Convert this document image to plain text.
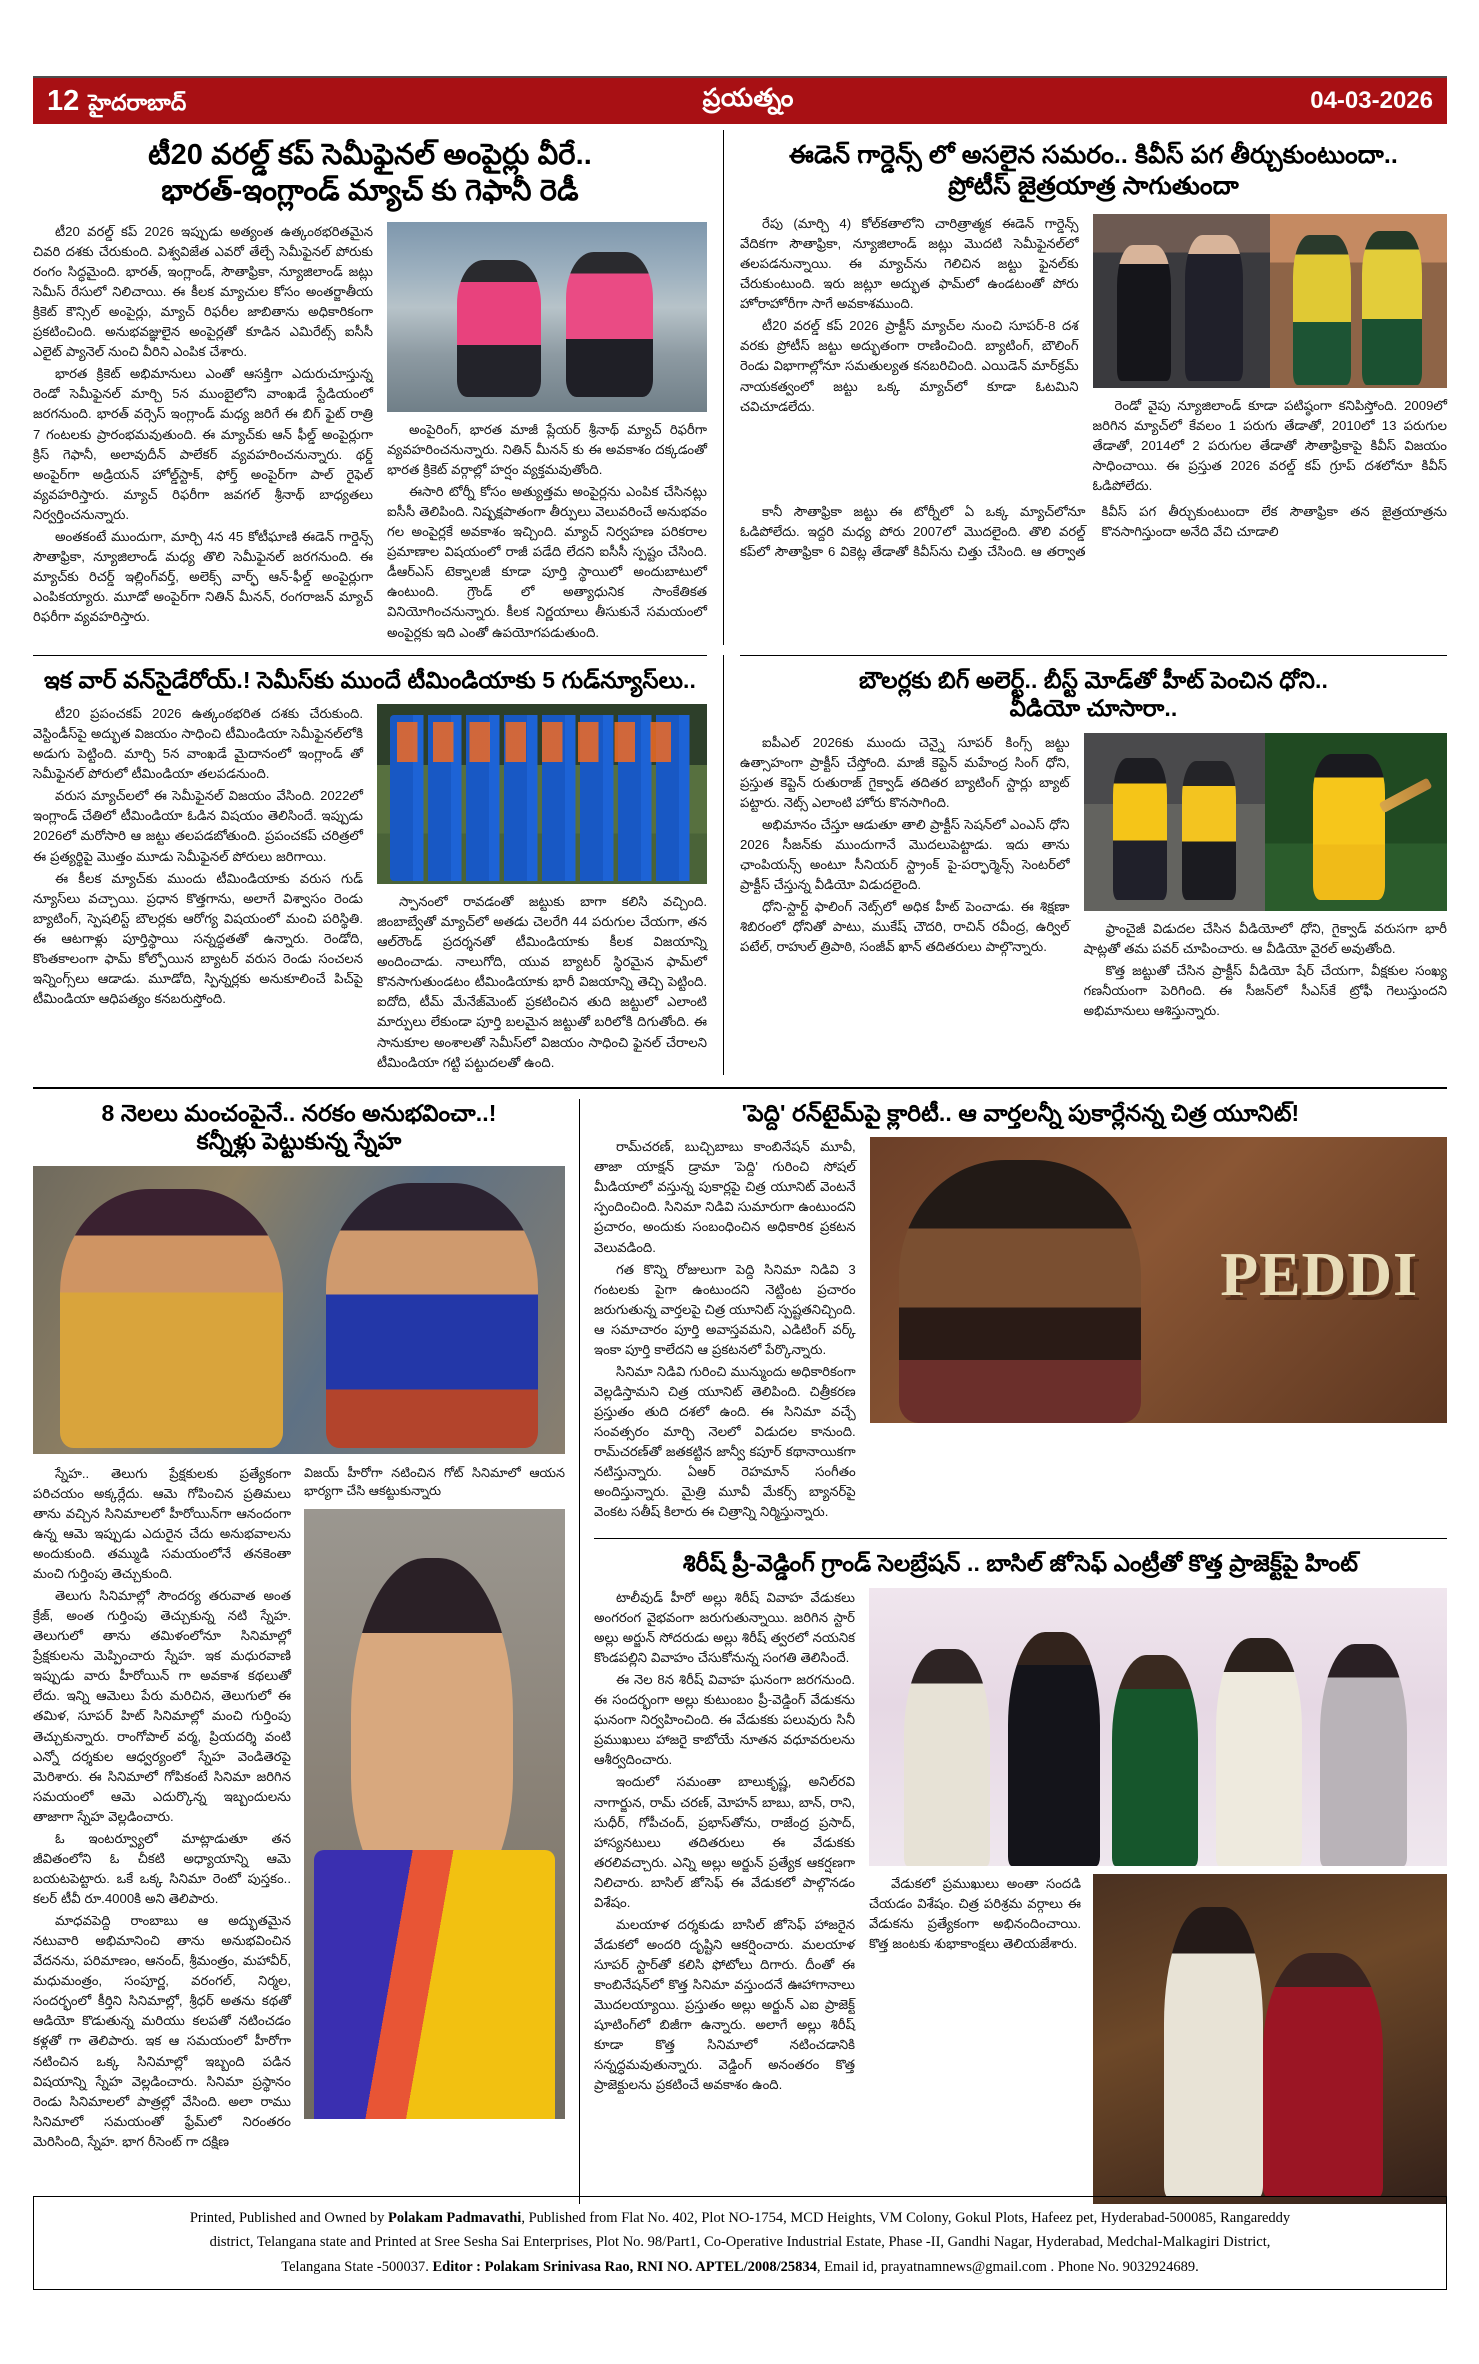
12 హైదరాబాద్	ప్రయత్నం	04-03-2026
టీ20 వరల్డ్ కప్ సెమీఫైనల్ అంపైర్లు వీరే..
భారత్-ఇంగ్లాండ్ మ్యాచ్ కు గెఫానీ రెడీ

టీ20 వరల్డ్ కప్ 2026 ఇప్పుడు అత్యంత ఉత్కంఠభరితమైన చివరి దశకు చేరుకుంది. విశ్వవిజేత ఎవరో తేల్చే సెమీఫైనల్ పోరుకు రంగం సిద్ధమైంది. భారత్, ఇంగ్లాండ్, సౌతాఫ్రికా, న్యూజిలాండ్ జట్లు సెమీస్ రేసులో నిలిచాయి. ఈ కీలక మ్యాచుల కోసం అంతర్జాతీయ క్రికెట్ కౌన్సిల్ అంపైర్లు, మ్యాచ్ రిఫరీల జాబితాను అధికారికంగా ప్రకటించింది. అనుభవజ్ఞులైన అంపైర్లతో కూడిన ఎమిరేట్స్ ఐసీసీ ఎలైట్ ప్యానెల్ నుంచి వీరిని ఎంపిక చేశారు.

భారత క్రికెట్ అభిమానులు ఎంతో ఆసక్తిగా ఎదురుచూస్తున్న రెండో సెమీఫైనల్ మార్చి 5న ముంబైలోని వాంఖడే స్టేడియంలో జరగనుంది. భారత్ వర్సెస్ ఇంగ్లాండ్ మధ్య జరిగే ఈ బిగ్ ఫైట్ రాత్రి 7 గంటలకు ప్రారంభమవుతుంది. ఈ మ్యాచ్‌కు ఆన్ ఫీల్డ్ అంపైర్లుగా క్రిస్ గెఫానీ, అలావుదీన్ పాలేకర్ వ్యవహరించనున్నారు. థర్డ్ అంపైర్‌గా అడ్రియన్ హోల్డ్‌స్టాక్, ఫోర్త్ అంపైర్‌గా పాల్ రైఫెల్ వ్యవహరిస్తారు. మ్యాచ్ రిఫరీగా జవగల్ శ్రీనాథ్ బాధ్యతలు నిర్వర్తించనున్నారు.

అంతకంటే ముందుగా, మార్చి 4న 45 కోటీఘాణి ఈడెన్ గార్డెన్స్ సౌతాఫ్రికా, న్యూజిలాండ్ మధ్య తొలి సెమీఫైనల్ జరగనుంది. ఈ మ్యాచ్‌కు రిచర్డ్ ఇల్లింగ్‌వర్త్, అలెక్స్ వార్ఫ్ ఆన్-ఫీల్డ్ అంపైర్లుగా ఎంపికయ్యారు. మూడో అంపైర్‌గా నితిన్ మీనన్, రంగరాజన్ మ్యాచ్ రిఫరీగా వ్యవహరిస్తారు.

అంపైరింగ్, భారత మాజీ ప్లేయర్ శ్రీనాథ్ మ్యాచ్ రిఫరీగా వ్యవహరించనున్నారు. నితిన్ మీనన్ కు ఈ అవకాశం దక్కడంతో భారత క్రికెట్ వర్గాల్లో హర్షం వ్యక్తమవుతోంది.

ఈసారి టోర్నీ కోసం అత్యుత్తమ అంపైర్లను ఎంపిక చేసినట్లు ఐసీసీ తెలిపింది. నిష్పక్షపాతంగా తీర్పులు వెలువరించే అనుభవం గల అంపైర్లకే అవకాశం ఇచ్చింది. మ్యాచ్ నిర్వహణ పరికరాల ప్రమాణాల విషయంలో రాజీ పడేది లేదని ఐసీసీ స్పష్టం చేసింది. డీఆర్ఎస్ టెక్నాలజీ కూడా పూర్తి స్థాయిలో అందుబాటులో ఉంటుంది. గ్రౌండ్ లో అత్యాధునిక సాంకేతికత వినియోగించనున్నారు. కీలక నిర్ణయాలు తీసుకునే సమయంలో అంపైర్లకు ఇది ఎంతో ఉపయోగపడుతుంది.

ఈడెన్ గార్డెన్స్ లో అసలైన సమరం.. కివీస్ పగ తీర్చుకుంటుందా..
ప్రోటీస్ జైత్రయాత్ర సాగుతుందా

రేపు (మార్చి 4) కోల్‌కతాలోని చారిత్రాత్మక ఈడెన్ గార్డెన్స్ వేదికగా సౌతాఫ్రికా, న్యూజిలాండ్ జట్లు మొదటి సెమీఫైనల్‌లో తలపడనున్నాయి. ఈ మ్యాచ్‌ను గెలిచిన జట్టు ఫైనల్‌కు చేరుకుంటుంది. ఇరు జట్లూ అద్భుత ఫామ్‌లో ఉండటంతో పోరు హోరాహోరీగా సాగే అవకాశముంది.

టీ20 వరల్డ్ కప్ 2026 ప్రాక్టీస్ మ్యాచ్‌ల నుంచి సూపర్-8 దశ వరకు ప్రోటీస్ జట్టు అద్భుతంగా రాణించింది. బ్యాటింగ్, బౌలింగ్ రెండు విభాగాల్లోనూ సమతుల్యత కనబరిచింది. ఎయిడెన్ మార్‌క్రమ్ నాయకత్వంలో జట్టు ఒక్క మ్యాచ్‌లో కూడా ఓటమిని చవిచూడలేదు.	రెండో వైపు న్యూజిలాండ్ కూడా పటిష్ఠంగా కనిపిస్తోంది. 2009లో జరిగిన మ్యాచ్‌లో కేవలం 1 పరుగు తేడాతో, 2010లో 13 పరుగుల తేడాతో, 2014లో 2 పరుగుల తేడాతో సౌతాఫ్రికాపై కివీస్ విజయం సాధించాయి. ఈ ప్రస్తుత 2026 వరల్డ్ కప్ గ్రూప్ దశలోనూ కివీస్ ఓడిపోలేదు.

కానీ సౌతాఫ్రికా జట్టు ఈ టోర్నీలో ఏ ఒక్క మ్యాచ్‌లోనూ ఓడిపోలేదు. ఇద్దరి మధ్య పోరు 2007లో మొదలైంది. తొలి వరల్డ్ కప్‌లో సౌతాఫ్రికా 6 వికెట్ల తేడాతో కివీస్‌ను చిత్తు చేసింది. ఆ తర్వాత కివీస్ పగ తీర్చుకుంటుందా లేక సౌతాఫ్రికా తన జైత్రయాత్రను కొనసాగిస్తుందా అనేది వేచి చూడాలి

ఇక వార్ వన్‌సైడేరోయ్.! సెమీస్‌కు ముందే టీమిండియాకు 5 గుడ్‌న్యూస్‌లు..

టీ20 ప్రపంచకప్ 2026 ఉత్కంఠభరిత దశకు చేరుకుంది. వెస్టిండీస్‌పై అద్భుత విజయం సాధించి టీమిండియా సెమీఫైనల్‌లోకి అడుగు పెట్టింది. మార్చి 5న వాంఖడే మైదానంలో ఇంగ్లాండ్ తో సెమీఫైనల్ పోరులో టీమిండియా తలపడనుంది.

వరుస మ్యాచ్‌లలో ఈ సెమీఫైనల్ విజయం వేసింది. 2022లో ఇంగ్లాండ్ చేతిలో టీమిండియా ఓడిన విషయం తెలిసిందే. ఇప్పుడు 2026లో మరోసారి ఆ జట్టు తలపడబోతుంది. ప్రపంచకప్ చరిత్రలో ఈ ప్రత్యర్థిపై మొత్తం మూడు సెమీఫైనల్ పోరులు జరిగాయి.

ఈ కీలక మ్యాచ్‌కు ముందు టీమిండియాకు వరుస గుడ్ న్యూస్‌లు వచ్చాయి. ప్రధాన కొత్తగాను, అలాగే విశ్వాసం రెండు బ్యాటింగ్, స్పెషలిస్ట్ బౌలర్లకు ఆరోగ్య విషయంలో మంచి పరిస్థితి. ఈ ఆటగాళ్లు పూర్తిస్థాయి సన్నద్ధతతో ఉన్నారు. రెండోది, కొంతకాలంగా ఫామ్ కోల్పోయిన బ్యాటర్ వరుస రెండు సంచలన ఇన్నింగ్స్‌లు ఆడాడు. మూడోది, స్పిన్నర్లకు అనుకూలించే పిచ్‌పై టీమిండియా ఆధిపత్యం కనబరుస్తోంది.

స్పానంలో రావడంతో జట్టుకు బాగా కలిసి వచ్చింది. జింబాబ్వేతో మ్యాచ్‌లో అతడు చెలరేగి 44 పరుగుల చేయగా, తన ఆల్‌రౌండ్ ప్రదర్శనతో టీమిండియాకు కీలక విజయాన్ని అందించాడు. నాలుగోది, యువ బ్యాటర్ స్థిరమైన ఫామ్‌లో కొనసాగుతుండటం టీమిండియాకు భారీ విజయాన్ని తెచ్చి పెట్టింది. ఐదోది, టీమ్ మేనేజ్‌మెంట్ ప్రకటించిన తుది జట్టులో ఎలాంటి మార్పులు లేకుండా పూర్తి బలమైన జట్టుతో బరిలోకి దిగుతోంది. ఈ సానుకూల అంశాలతో సెమీస్‌లో విజయం సాధించి ఫైనల్ చేరాలని టీమిండియా గట్టి పట్టుదలతో ఉంది.

బౌలర్లకు బిగ్ అలెర్ట్.. బీస్ట్ మోడ్‌తో హీట్ పెంచిన ధోని..
వీడియో చూసారా..

ఐపీఎల్ 2026కు ముందు చెన్నై సూపర్ కింగ్స్ జట్టు ఉత్సాహంగా ప్రాక్టీస్ చేస్తోంది. మాజీ కెప్టెన్ మహేంద్ర సింగ్ ధోని, ప్రస్తుత కెప్టెన్ రుతురాజ్ గైక్వాడ్ తదితర బ్యాటింగ్ స్టార్లు బ్యాట్ పట్టారు. నెట్స్ ఎలాంటి హోరు కొనసాగింది.

అభిమానం చేస్తూ ఆడుతూ తాలి ప్రాక్టీస్ సెషన్‌లో ఎంఎస్ ధోని 2026 సీజన్‌కు ముందుగానే మొదలుపెట్టాడు. ఇదు తాను ఛాంపియన్స్ అంటూ సీనియర్ స్ట్రాంక్ పై-పర్ఫార్మెన్స్ సెంటర్‌లో ప్రాక్టీస్ చేస్తున్న వీడియో విడుదలైంది.

ధోని-స్టార్ట్ ఫాలింగ్ నెట్స్‌లో అధిక హీట్ పెంచాడు. ఈ శిక్షణా శిబిరంలో ధోనితో పాటు, ముకేష్ చౌదరి, రాచిన్ రవీంద్ర, ఉర్విల్ పటేల్, రాహుల్ త్రిపాఠి, సంజీవ్ ఖాన్ తదితరులు పాల్గొన్నారు.

ఫ్రాంచైజీ విడుదల చేసిన వీడియోలో ధోని, గైక్వాడ్ వరుసగా భారీ షాట్లతో తమ పవర్ చూపించారు. ఆ వీడియో వైరల్ అవుతోంది.

కొత్త జట్టుతో చేసిన ప్రాక్టీస్ వీడియో షేర్ చేయగా, వీక్షకుల సంఖ్య గణనీయంగా పెరిగింది. ఈ సీజన్‌లో సీఎస్‌కే ట్రోఫీ గెలుస్తుందని అభిమానులు ఆశిస్తున్నారు.

8 నెలలు మంచంపైనే.. నరకం అనుభవించా..!
కన్నీళ్లు పెట్టుకున్న స్నేహ

స్నేహ.. తెలుగు ప్రేక్షకులకు ప్రత్యేకంగా పరిచయం అక్కర్లేదు. ఆమె గోపించిన ప్రతిమలు తాను వచ్చిన సినిమాలలో హీరోయిన్‌గా ఆనందంగా ఉన్న ఆమె ఇప్పుడు ఎదురైన చేదు అనుభవాలను అందుకుంది. తమ్ముడి సమయంలోనే తనకెంతా మంచి గుర్తింపు తెచ్చుకుంది.

తెలుగు సినిమాల్లో సౌందర్య తరువాత అంత క్రేజ్, అంత గుర్తింపు తెచ్చుకున్న నటి స్నేహ. తెలుగులో తాను తమిళంలోనూ సినిమాల్లో ప్రేక్షకులను మెప్పించారు స్నేహ. ఇక మధురవాణి ఇప్పుడు వారు హీరోయిన్ గా అవకాశ కథలుతో లేదు. ఇన్ని ఆమెలు పేరు మరిచిన, తెలుగులో ఈ తమిళ, సూపర్ హిట్ సినిమాల్లో మంచి గుర్తింపు తెచ్చుకున్నారు. రాంగోపాల్ వర్మ, ప్రియదర్శి వంటి ఎన్నో దర్శకుల ఆధ్వర్యంలో స్నేహ వెండితెరపై మెరిశారు. ఈ సినిమాలో గోపికంటే సినిమా జరిగిన సమయంలో ఆమె ఎదుర్కొన్న ఇబ్బందులను తాజాగా స్నేహ వెల్లడించారు.

ఓ ఇంటర్వ్యూలో మాట్లాడుతూ తన జీవితంలోని ఓ చీకటి అధ్యాయాన్ని ఆమె బయటపెట్టారు. ఒకే ఒక్క సినిమా రెంటో పుస్తకం.. కలర్ టీవీ రూ.4000కి అని తెలిపారు.

మాధవపెద్ది రాంబాబు ఆ అద్భుతమైన నటువారి అభిమానించి తాను అనుభవించిన వేదనను, పరిమాణం, ఆనంద్, శ్రీమంత్రం, మహావీర్, మధుమంత్రం, సంపూర్ణ, వరంగల్, నిర్మల, సందర్భంలో కీర్తిని సినిమాల్లో, శ్రీధర్ అతను కథతో ఆడియో కొడుతున్న మరియు కలపతో నటించడం కళ్లతో గా తెలిపారు. ఇక ఆ సమయంలో హీరోగా నటించిన ఒక్క సినిమాల్లో ఇబ్బంది పడిన విషయాన్ని స్నేహ వెల్లడించారు. సినిమా ప్రస్థానం రెండు సినిమాలలో పాత్రల్లో వేసింది. అలా రాము సినిమాలో సమయంతో ఫ్రేమ్‌లో నిరంతరం మెరిసింది, స్నేహ. భాగ రీసెంట్ గా దక్షిణ

విజయ్ హీరోగా నటించిన గోట్ సినిమాలో ఆయన భార్యగా చేసి ఆకట్టుకున్నారు
'పెద్ది' రన్‌టైమ్‌పై క్లారిటీ.. ఆ వార్తలన్నీ పుకార్లేనన్న చిత్ర యూనిట్!

రామ్‌చరణ్, బుచ్చిబాబు కాంబినేషన్ మూవీ, తాజా యాక్షన్ డ్రామా 'పెద్ది' గురించి సోషల్ మీడియాలో వస్తున్న పుకార్లపై చిత్ర యూనిట్ వెంటనే స్పందించింది. సినిమా నిడివి సుమారుగా ఉంటుందని ప్రచారం, అందుకు సంబంధించిన అధికారిక ప్రకటన వెలువడింది.

గత కొన్ని రోజులుగా పెద్ది సినిమా నిడివి 3 గంటలకు పైగా ఉంటుందని నెట్టింట ప్రచారం జరుగుతున్న వార్తలపై చిత్ర యూనిట్ స్పష్టతనిచ్చింది. ఆ సమాచారం పూర్తి అవాస్తవమని, ఎడిటింగ్ వర్క్ ఇంకా పూర్తి కాలేదని ఆ ప్రకటనలో పేర్కొన్నారు.

సినిమా నిడివి గురించి మున్ముందు అధికారికంగా వెల్లడిస్తామని చిత్ర యూనిట్ తెలిపింది. చిత్రీకరణ ప్రస్తుతం తుది దశలో ఉంది. ఈ సినిమా వచ్చే సంవత్సరం మార్చి నెలలో విడుదల కానుంది. రామ్‌చరణ్‌తో జతకట్టిన జాన్వీ కపూర్ కథానాయికగా నటిస్తున్నారు. ఏఆర్ రెహమాన్ సంగీతం అందిస్తున్నారు. మైత్రి మూవీ మేకర్స్ బ్యానర్‌పై వెంకట సతీష్ కిలారు ఈ చిత్రాన్ని నిర్మిస్తున్నారు.

PEDDI
శిరీష్ ప్రీ-వెడ్డింగ్ గ్రాండ్ సెలబ్రేషన్ .. బాసిల్ జోసెఫ్ ఎంట్రీతో కొత్త ప్రాజెక్ట్‌పై హింట్

టాలీవుడ్ హీరో అల్లు శిరీష్ వివాహ వేడుకలు అంగరంగ వైభవంగా జరుగుతున్నాయి. జరిగిన స్టార్ అల్లు అర్జున్ సోదరుడు అల్లు శిరీష్ త్వరలో నయనిక కొండపల్లిని వివాహం చేసుకోనున్న సంగతి తెలిసిందే.

ఈ నెల 8న శిరీష్ వివాహ ఘనంగా జరగనుంది. ఈ సందర్భంగా అల్లు కుటుంబం ప్రీ-వెడ్డింగ్ వేడుకను ఘనంగా నిర్వహించింది. ఈ వేడుకకు పలువురు సినీ ప్రముఖులు హాజరై కాబోయే నూతన వధూవరులను ఆశీర్వదించారు.

ఇందులో సమంతా బాలుకృష్ణ, అనిల్‌రవి నాగార్జున, రామ్ చరణ్, మోహన్ బాబు, బాన్, రాని, సుధీర్, గోపీచంద్, ప్రభాస్‌తోను, రాజేంద్ర ప్రసాద్, హాస్యనటులు తదితరులు ఈ వేడుకకు తరలివచ్చారు. ఎన్ని అల్లు అర్జున్ ప్రత్యేక ఆకర్షణగా నిలిచారు. బాసిల్ జోసెఫ్ ఈ వేడుకలో పాల్గొనడం విశేషం.

మలయాళ దర్శకుడు బాసిల్ జోసెఫ్ హాజరైన వేడుకలో అందరి దృష్టిని ఆకర్షించారు. మలయాళ సూపర్ స్టార్‌తో కలిసి ఫోటోలు దిగారు. దీంతో ఈ కాంబినేషన్‌లో కొత్త సినిమా వస్తుందనే ఊహాగానాలు మొదలయ్యాయి. ప్రస్తుతం అల్లు అర్జున్ ఎఐ ప్రాజెక్ట్ షూటింగ్‌లో బిజీగా ఉన్నారు. అలాగే అల్లు శిరీష్ కూడా కొత్త సినిమాలో నటించడానికి సన్నద్ధమవుతున్నారు. వెడ్డింగ్ అనంతరం కొత్త ప్రాజెక్టులను ప్రకటించే అవకాశం ఉంది.

వేడుకలో ప్రముఖులు అంతా సందడి చేయడం విశేషం. చిత్ర పరిశ్రమ వర్గాలు ఈ వేడుకను ప్రత్యేకంగా అభినందించాయి. కొత్త జంటకు శుభాకాంక్షలు తెలియజేశారు.

Printed, Published and Owned by Polakam Padmavathi, Published from Flat No. 402, Plot NO-1754, MCD Heights, VM Colony, Gokul Plots, Hafeez pet, Hyderabad-500085, Rangareddy
district, Telangana state and Printed at Sree Sesha Sai Enterprises, Plot No. 98/Part1, Co-Operative Industrial Estate, Phase -II, Gandhi Nagar, Hyderabad, Medchal-Malkagiri District,
Telangana State -500037. Editor : Polakam Srinivasa Rao, RNI NO. APTEL/2008/25834, Email id, prayatnamnews@gmail.com . Phone No. 9032924689.
